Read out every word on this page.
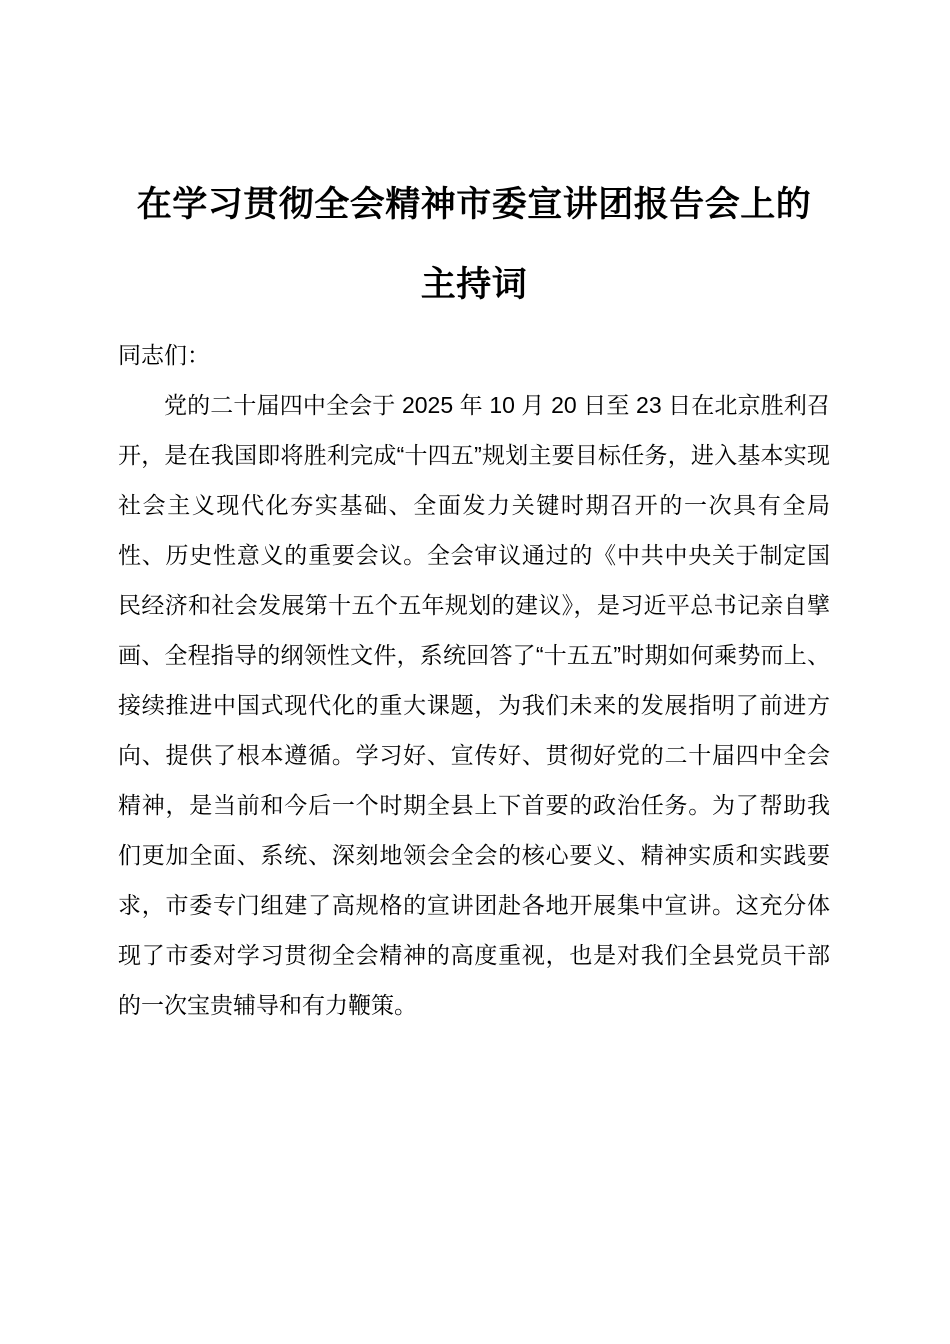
在学习贯彻全会精神市委宣讲团报告会上的
主持词

同志们：

党的二十届四中全会于 2025 年 10 月 20 日至 23 日在北京胜利召开，是在我国即将胜利完成“十四五”规划主要目标任务，进入基本实现社会主义现代化夯实基础、全面发力关键时期召开的一次具有全局性、历史性意义的重要会议。全会审议通过的《中共中央关于制定国民经济和社会发展第十五个五年规划的建议》，是习近平总书记亲自擘画、全程指导的纲领性文件，系统回答了“十五五”时期如何乘势而上、接续推进中国式现代化的重大课题，为我们未来的发展指明了前进方向、提供了根本遵循。学习好、宣传好、贯彻好党的二十届四中全会精神，是当前和今后一个时期全县上下首要的政治任务。为了帮助我们更加全面、系统、深刻地领会全会的核心要义、精神实质和实践要求，市委专门组建了高规格的宣讲团赴各地开展集中宣讲。这充分体现了市委对学习贯彻全会精神的高度重视，也是对我们全县党员干部的一次宝贵辅导和有力鞭策。
